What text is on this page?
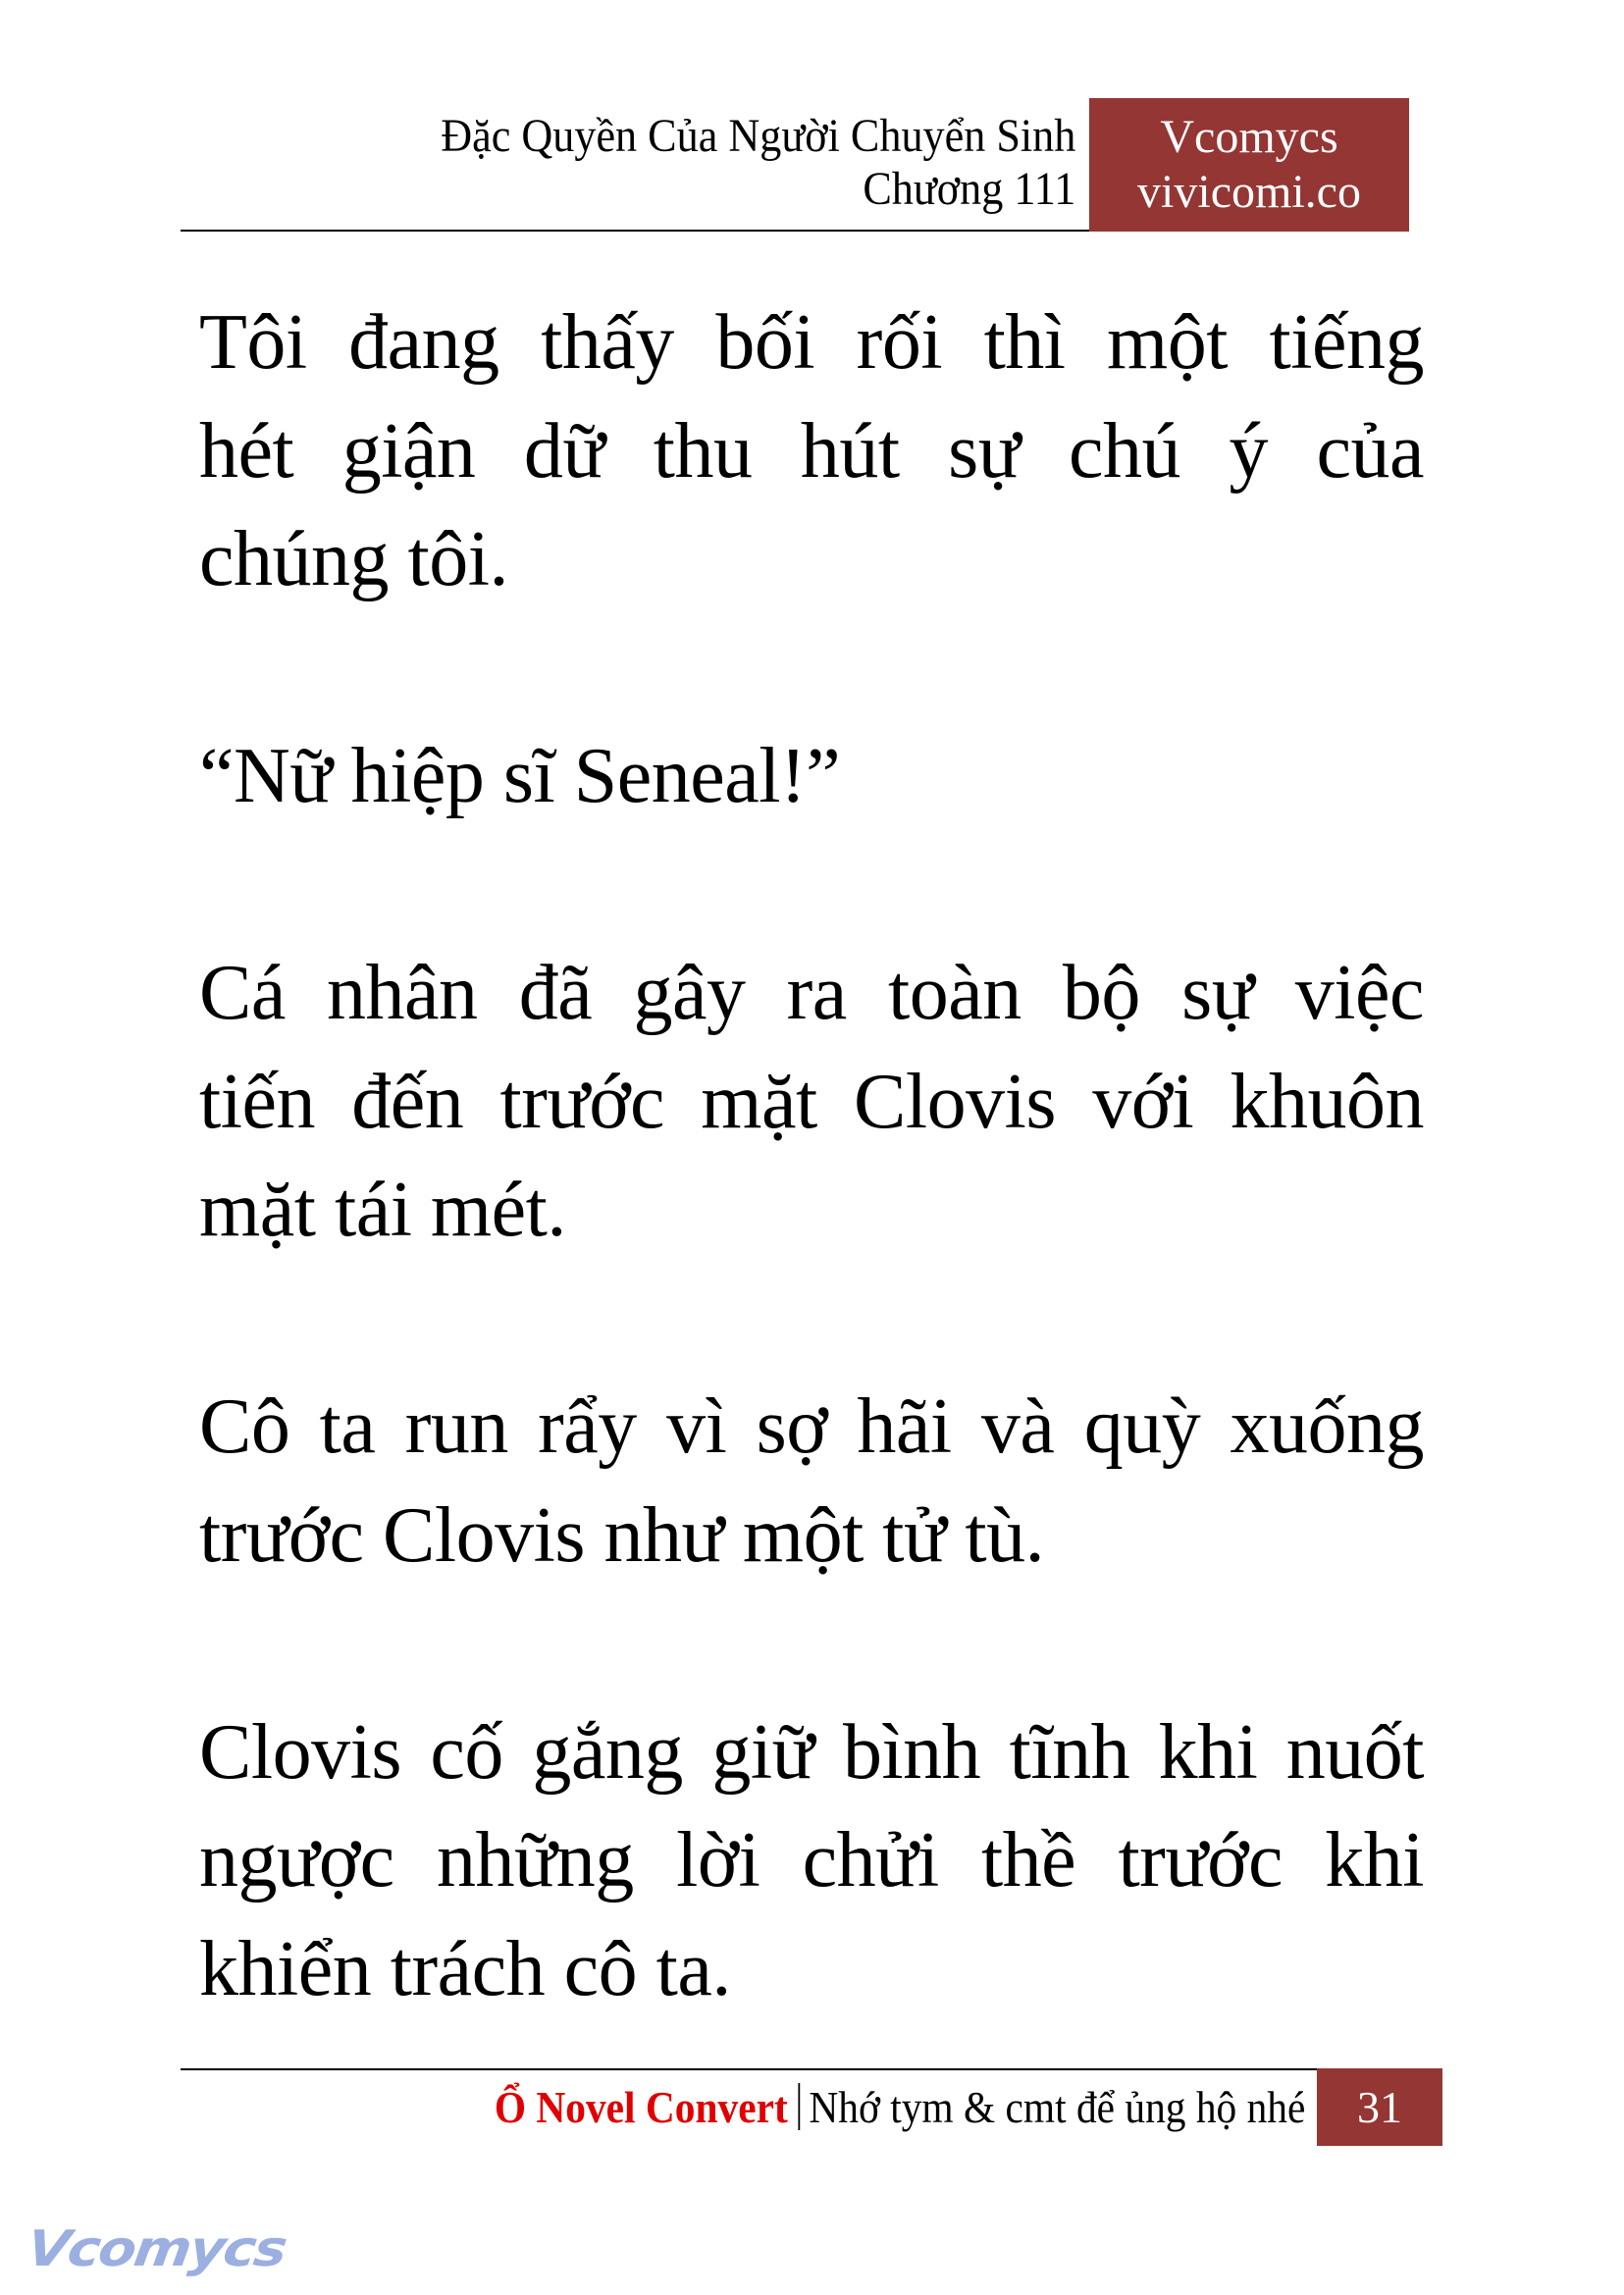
Đặc Quyền Của Người Chuyển Sinh
Chương 111
Vcomycs
vivicomi.co

Tôi đang thấy bối rối thì một tiếng
hét giận dữ thu hút sự chú ý của
chúng tôi.

“Nữ hiệp sĩ Seneal!”

Cá nhân đã gây ra toàn bộ sự việc
tiến đến trước mặt Clovis với khuôn
mặt tái mét.

Cô ta run rẩy vì sợ hãi và quỳ xuống
trước Clovis như một tử tù.

Clovis cố gắng giữ bình tĩnh khi nuốt
ngược những lời chửi thề trước khi
khiển trách cô ta.

Ổ Novel Convert Nhớ tym & cmt để ủng hộ nhé	31
Vcomycs
